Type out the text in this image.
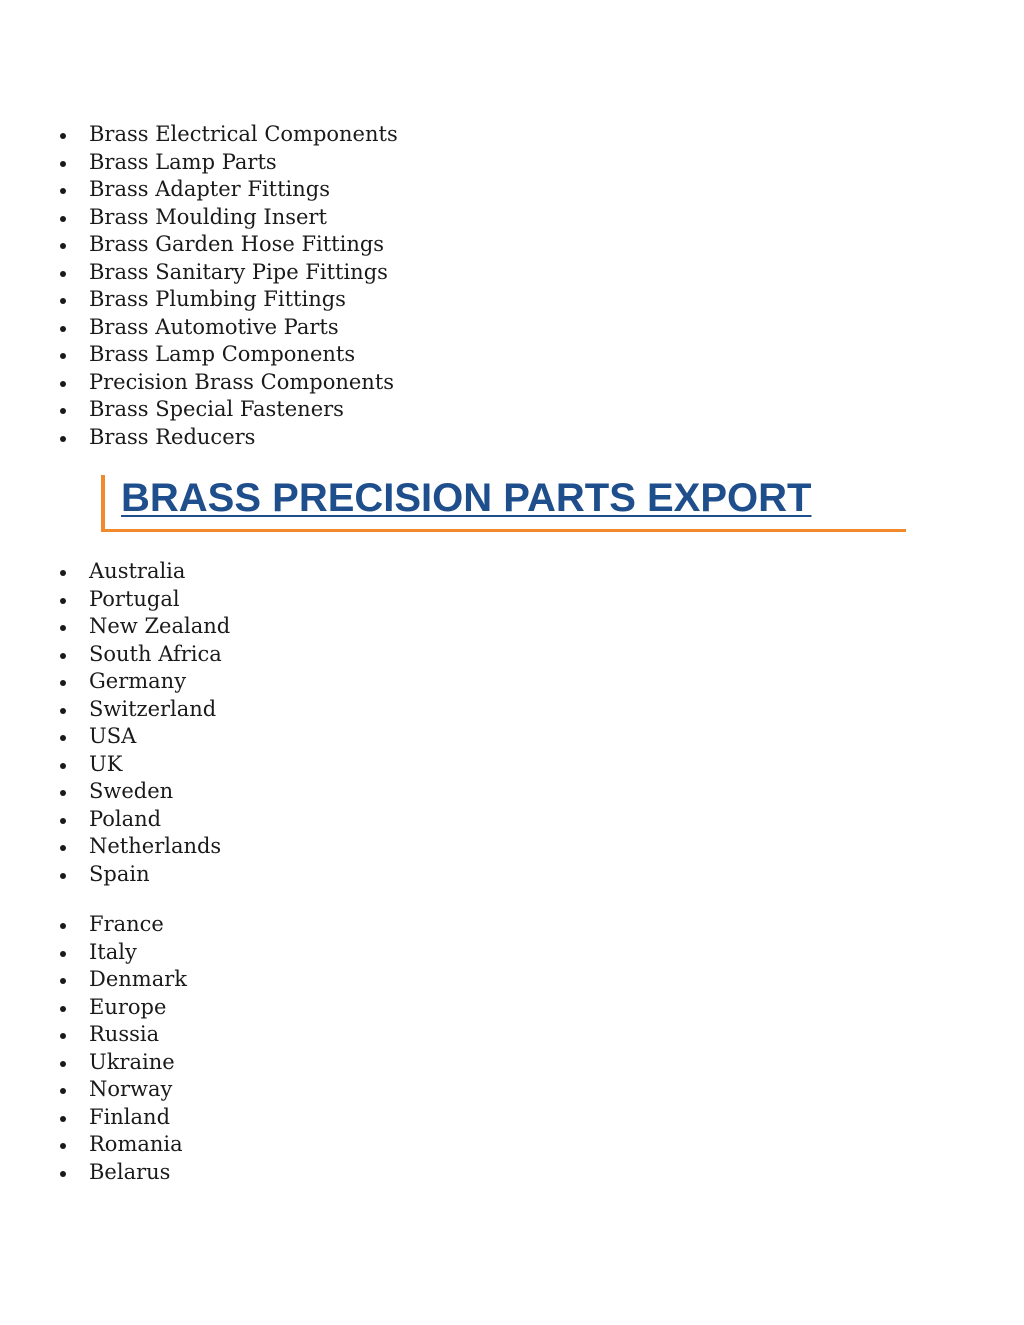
Brass Electrical Components
Brass Lamp Parts
Brass Adapter Fittings
Brass Moulding Insert
Brass Garden Hose Fittings
Brass Sanitary Pipe Fittings
Brass Plumbing Fittings
Brass Automotive Parts
Brass Lamp Components
Precision Brass Components
Brass Special Fasteners
Brass Reducers
BRASS PRECISION PARTS EXPORT
Australia
Portugal
New Zealand
South Africa
Germany
Switzerland
USA
UK
Sweden
Poland
Netherlands
Spain
France
Italy
Denmark
Europe
Russia
Ukraine
Norway
Finland
Romania
Belarus
